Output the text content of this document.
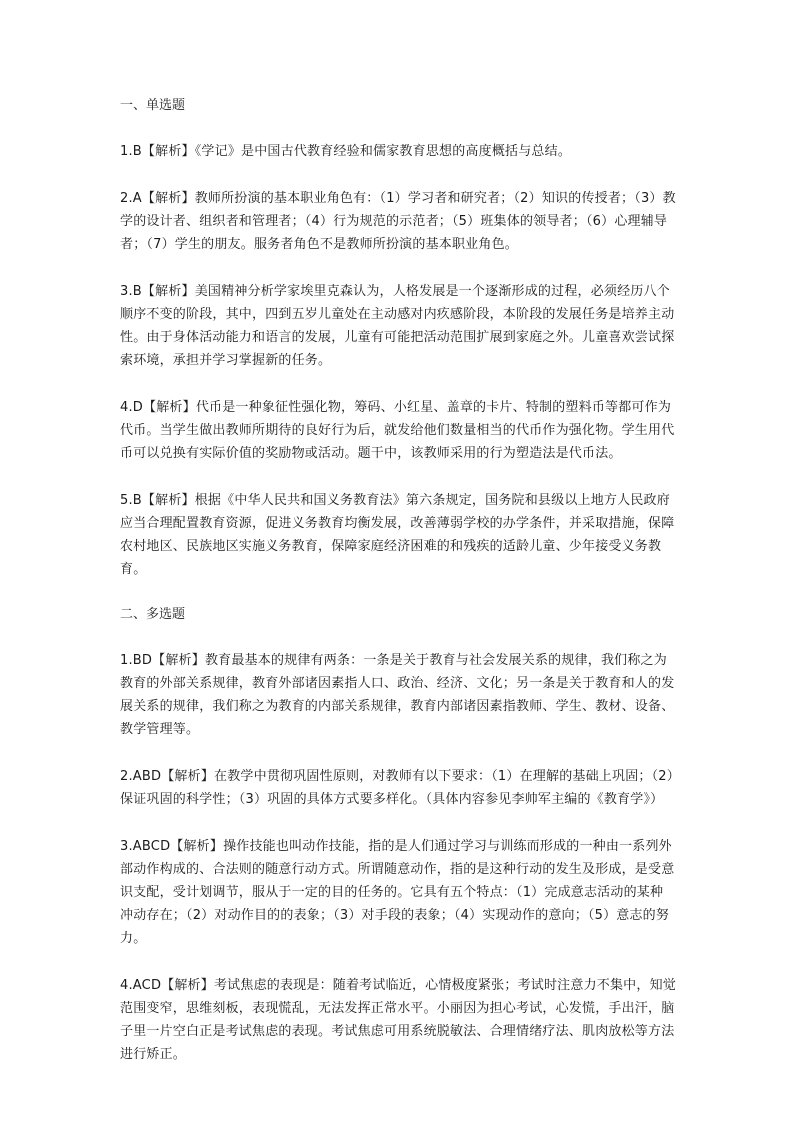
一、单选题
1.B【解析】《学记》是中国古代教育经验和儒家教育思想的高度概括与总结。
2.A【解析】教师所扮演的基本职业角色有：（1）学习者和研究者；（2）知识的传授者；（3）教学的设计者、组织者和管理者；（4）行为规范的示范者；（5）班集体的领导者；（6）心理辅导者；（7）学生的朋友。服务者角色不是教师所扮演的基本职业角色。
3.B【解析】美国精神分析学家埃里克森认为，人格发展是一个逐渐形成的过程，必须经历八个顺序不变的阶段，其中，四到五岁儿童处在主动感对内疚感阶段，本阶段的发展任务是培养主动性。由于身体活动能力和语言的发展，儿童有可能把活动范围扩展到家庭之外。儿童喜欢尝试探索环境，承担并学习掌握新的任务。
4.D【解析】代币是一种象征性强化物，筹码、小红星、盖章的卡片、特制的塑料币等都可作为代币。当学生做出教师所期待的良好行为后，就发给他们数量相当的代币作为强化物。学生用代币可以兑换有实际价值的奖励物或活动。题干中，该教师采用的行为塑造法是代币法。
5.B【解析】根据《中华人民共和国义务教育法》第六条规定，国务院和县级以上地方人民政府应当合理配置教育资源，促进义务教育均衡发展，改善薄弱学校的办学条件，并采取措施，保障农村地区、民族地区实施义务教育，保障家庭经济困难的和残疾的适龄儿童、少年接受义务教育。
二、多选题
1.BD【解析】教育最基本的规律有两条：一条是关于教育与社会发展关系的规律，我们称之为教育的外部关系规律，教育外部诸因素指人口、政治、经济、文化；另一条是关于教育和人的发展关系的规律，我们称之为教育的内部关系规律，教育内部诸因素指教师、学生、教材、设备、教学管理等。
2.ABD【解析】在教学中贯彻巩固性原则，对教师有以下要求：（1）在理解的基础上巩固；（2）保证巩固的科学性；（3）巩固的具体方式要多样化。（具体内容参见李帅军主编的《教育学》）
3.ABCD【解析】操作技能也叫动作技能，指的是人们通过学习与训练而形成的一种由一系列外部动作构成的、合法则的随意行动方式。所谓随意动作，指的是这种行动的发生及形成，是受意识支配，受计划调节，服从于一定的目的任务的。它具有五个特点：（1）完成意志活动的某种冲动存在；（2）对动作目的的表象；（3）对手段的表象；（4）实现动作的意向；（5）意志的努力。
4.ACD【解析】考试焦虑的表现是：随着考试临近，心情极度紧张；考试时注意力不集中，知觉范围变窄，思维刻板，表现慌乱，无法发挥正常水平。小丽因为担心考试，心发慌，手出汗，脑子里一片空白正是考试焦虑的表现。考试焦虑可用系统脱敏法、合理情绪疗法、肌肉放松等方法进行矫正。
